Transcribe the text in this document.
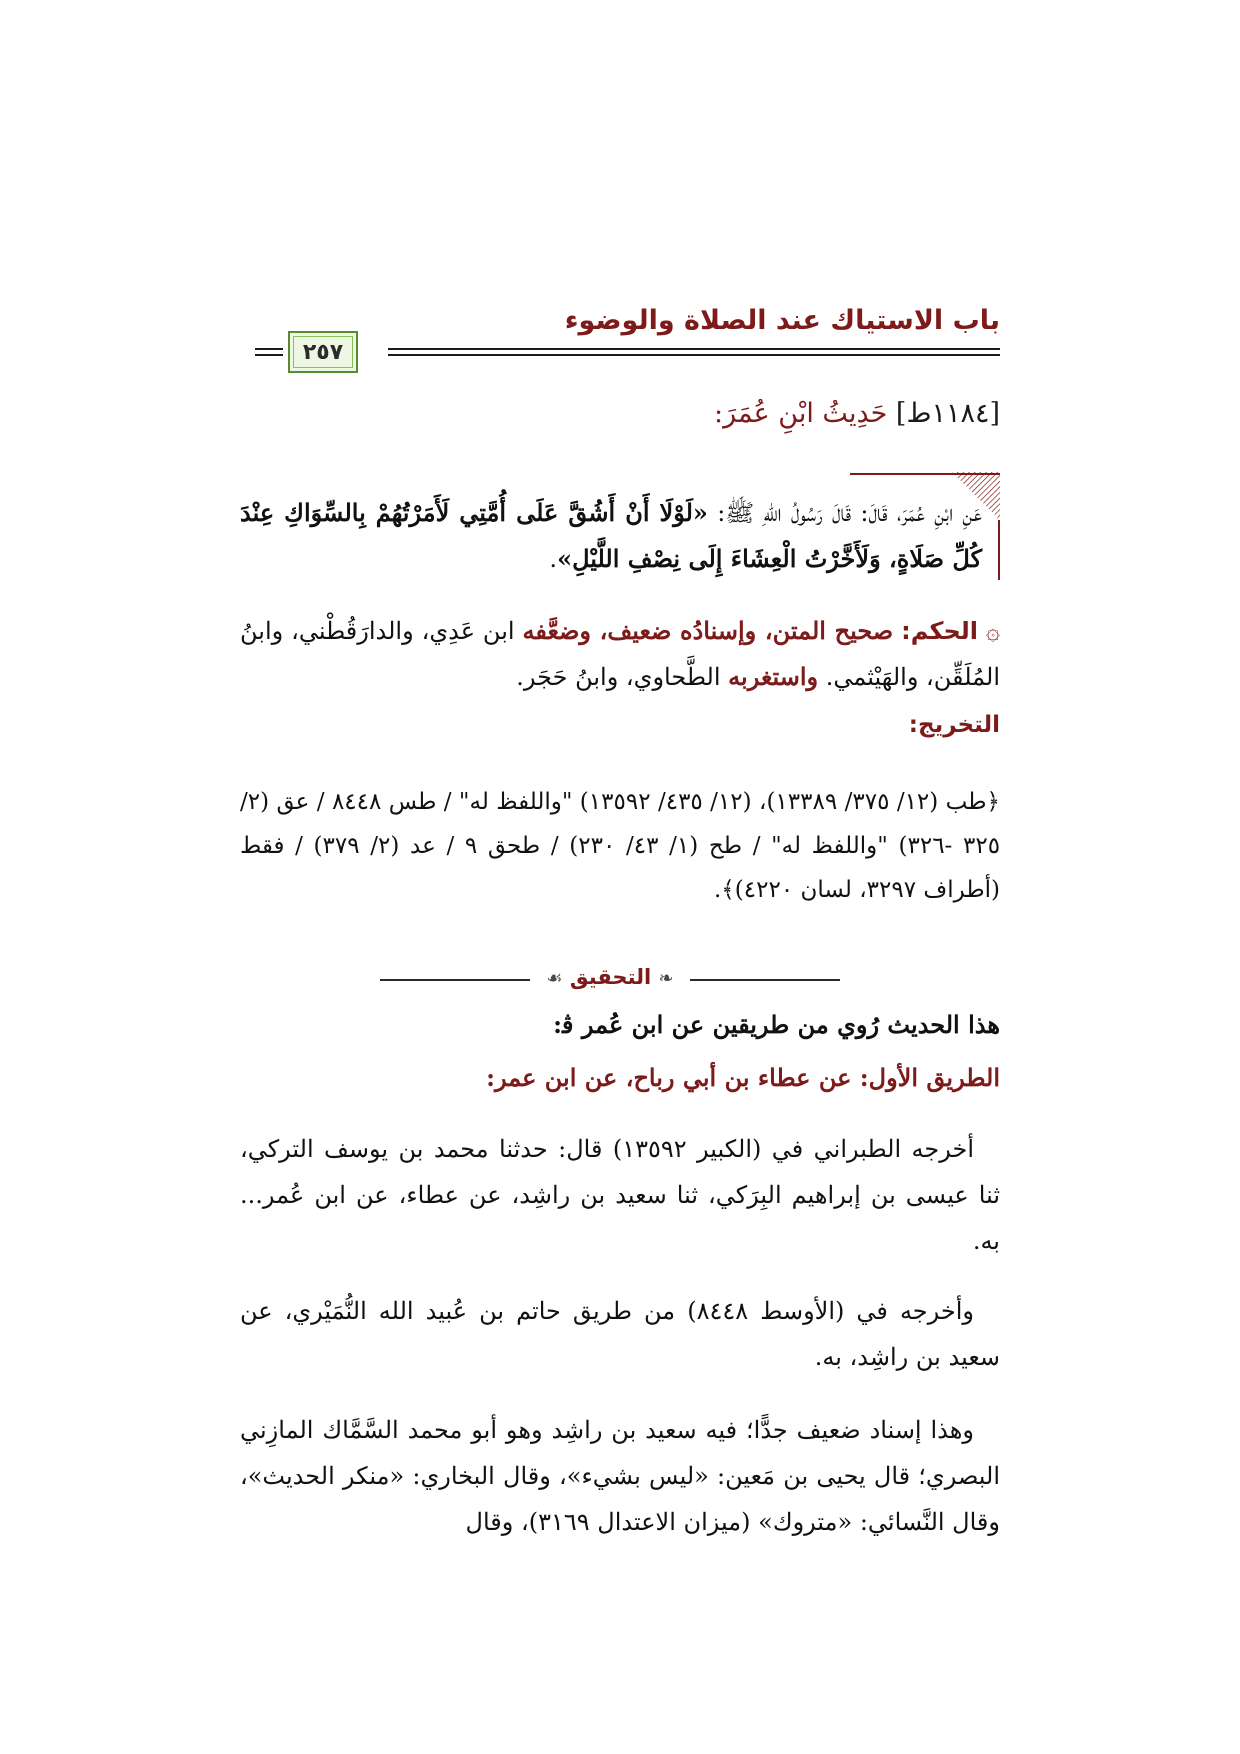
باب الاستياك عند الصلاة والوضوء
٢٥٧
[١١٨٤ط] حَدِيثُ ابْنِ عُمَرَ:
عَنِ ابْنِ عُمَرَ، قَالَ: قَالَ رَسُولُ اللهِ ﷺ: «لَوْلَا أَنْ أَشُقَّ عَلَى أُمَّتِي لَأَمَرْتُهُمْ بِالسِّوَاكِ عِنْدَ كُلِّ صَلَاةٍ، وَلَأَخَّرْتُ الْعِشَاءَ إِلَى نِصْفِ اللَّيْلِ».
۞ الحكم: صحيح المتن، وإسنادُه ضعيف، وضعَّفه ابن عَدِي، والدارَقُطْني، وابنُ المُلَقِّن، والهَيْثمي. واستغربه الطَّحاوي، وابنُ حَجَر.
التخريج:
﴿طب (١٢/ ٣٧٥/ ١٣٣٨٩)، (١٢/ ٤٣٥/ ١٣٥٩٢) "واللفظ له" / طس ٨٤٤٨ / عق (٢/ ٣٢٥ -٣٢٦) "واللفظ له" / طح (١/ ٤٣/ ٢٣٠) / طحق ٩ / عد (٢/ ٣٧٩) / فقط (أطراف ٣٢٩٧، لسان ٤٢٢٠)﴾.
❧ التحقيق ☙
هذا الحديث رُوي من طريقين عن ابن عُمر ﭬ:
الطريق الأول: عن عطاء بن أبي رباح، عن ابن عمر:
أخرجه الطبراني في (الكبير ١٣٥٩٢) قال: حدثنا محمد بن يوسف التركي، ثنا عيسى بن إبراهيم البِرَكي، ثنا سعيد بن راشِد، عن عطاء، عن ابن عُمر... به.
وأخرجه في (الأوسط ٨٤٤٨) من طريق حاتم بن عُبيد الله النُّمَيْري، عن سعيد بن راشِد، به.
وهذا إسناد ضعيف جدًّا؛ فيه سعيد بن راشِد وهو أبو محمد السَّمَّاك المازِني البصري؛ قال يحيى بن مَعين: «ليس بشيء»، وقال البخاري: «منكر الحديث»، وقال النَّسائي: «متروك» (ميزان الاعتدال ٣١٦٩)، وقال
